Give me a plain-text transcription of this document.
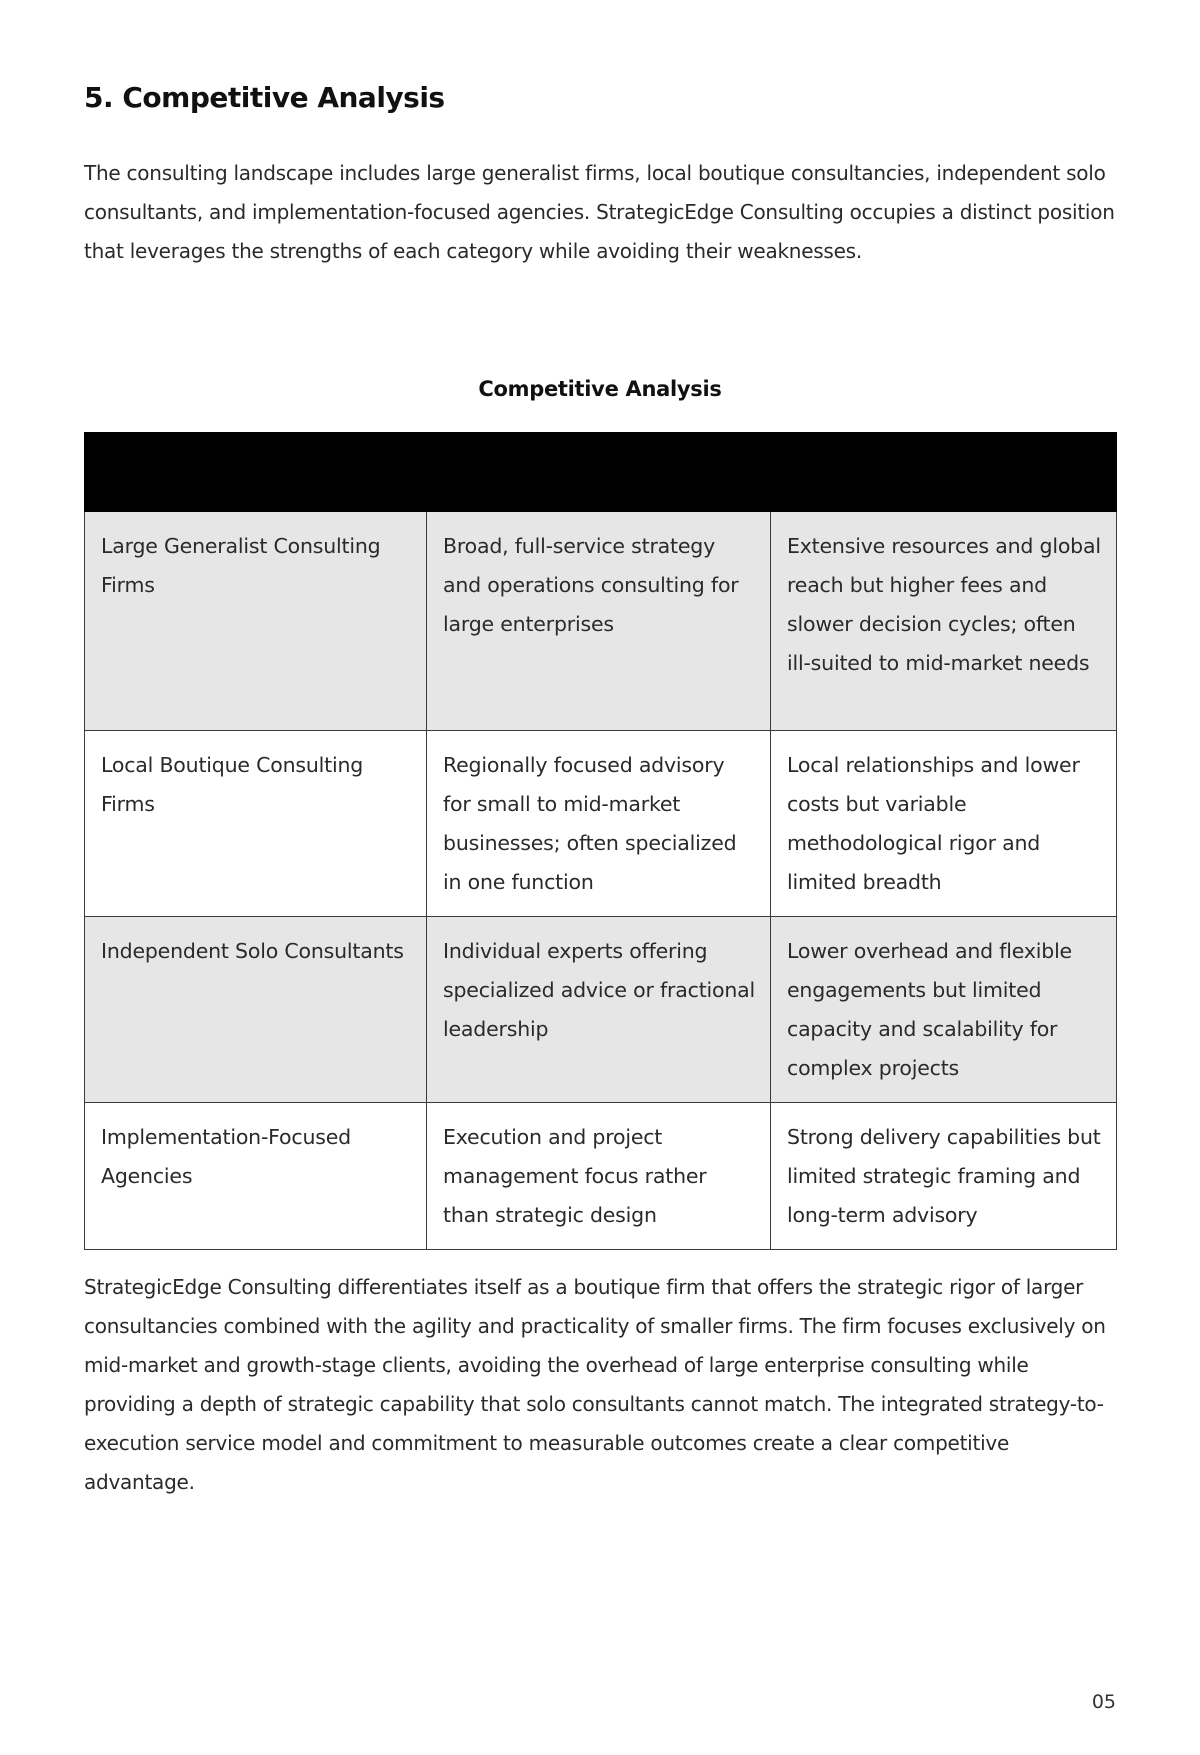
5. Competitive Analysis

The consulting landscape includes large generalist firms, local boutique consultancies, independent solo consultants, and implementation-focused agencies. StrategicEdge Consulting occupies a distinct position that leverages the strengths of each category while avoiding their weaknesses.

Competitive Analysis

Large Generalist Consulting Firms	Broad, full-service strategy and operations consulting for large enterprises	Extensive resources and global reach but higher fees and slower decision cycles; often ill-suited to mid-market needs
Local Boutique Consulting Firms	Regionally focused advisory for small to mid-market businesses; often specialized in one function	Local relationships and lower costs but variable methodological rigor and limited breadth
Independent Solo Consultants	Individual experts offering specialized advice or fractional leadership	Lower overhead and flexible engagements but limited capacity and scalability for complex projects
Implementation-Focused Agencies	Execution and project management focus rather than strategic design	Strong delivery capabilities but limited strategic framing and long-term advisory

StrategicEdge Consulting differentiates itself as a boutique firm that offers the strategic rigor of larger consultancies combined with the agility and practicality of smaller firms. The firm focuses exclusively on mid-market and growth-stage clients, avoiding the overhead of large enterprise consulting while providing a depth of strategic capability that solo consultants cannot match. The integrated strategy-to-execution service model and commitment to measurable outcomes create a clear competitive advantage.

05
